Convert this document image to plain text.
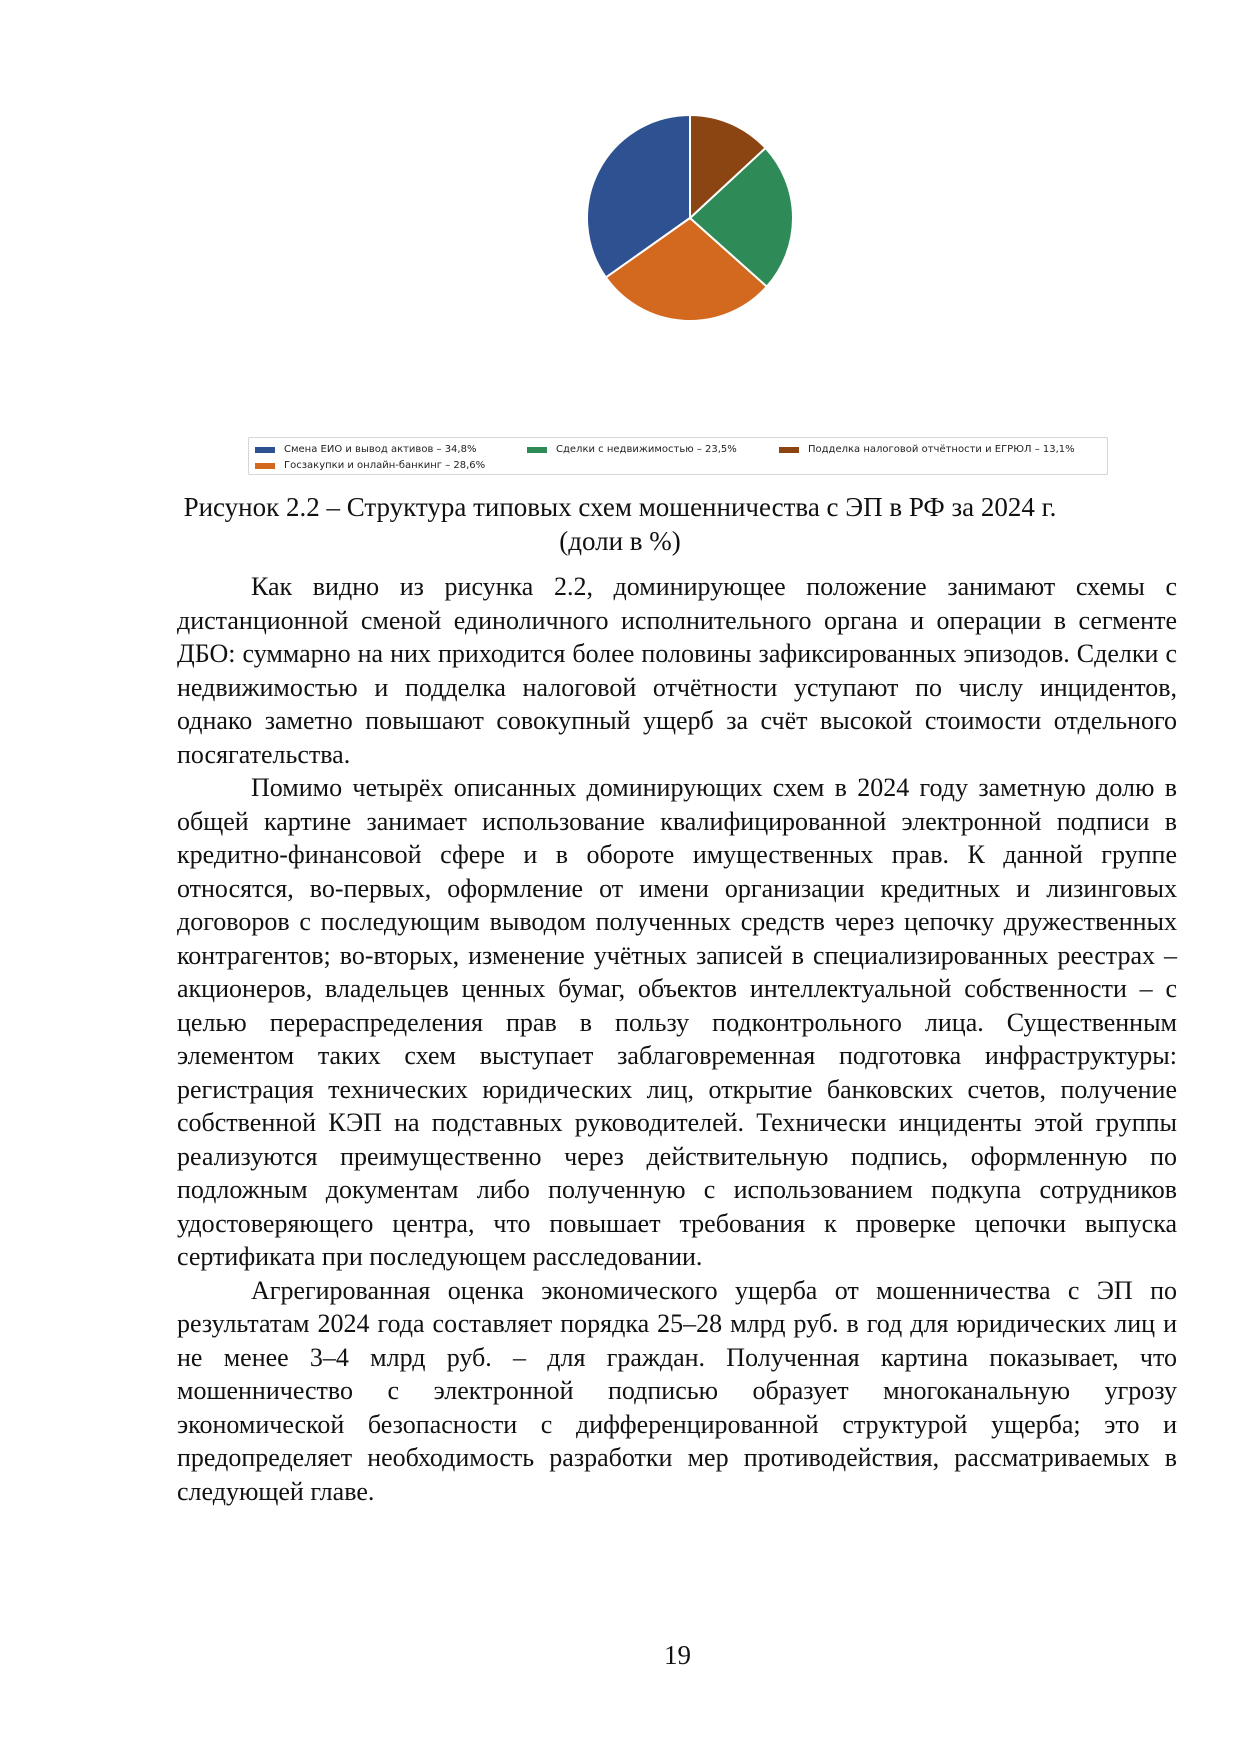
Смена ЕИО и вывод активов – 34,8%	Сделки с недвижимостью – 23,5%	Подделка налоговой отчётности и ЕГРЮЛ – 13,1%
Госзакупки и онлайн-банкинг – 28,6%
Рисунок 2.2 – Структура типовых схем мошенничества с ЭП в РФ за 2024 г.
(доли в %)

Как видно из рисунка 2.2, доминирующее положение занимают схемы с дистанционной сменой единоличного исполнительного органа и операции в сегменте ДБО: суммарно на них приходится более половины зафиксированных эпизодов. Сделки с недвижимостью и подделка налоговой отчётности уступают по числу инцидентов, однако заметно повышают совокупный ущерб за счёт высокой стоимости отдельного посягательства.

Помимо четырёх описанных доминирующих схем в 2024 году заметную долю в общей картине занимает использование квалифицированной электронной подписи в кредитно-финансовой сфере и в обороте имущественных прав. К данной группе относятся, во-первых, оформление от имени организации кредитных и лизинговых договоров с последующим выводом полученных средств через цепочку дружественных контрагентов; во-вторых, изменение учётных записей в специализированных реестрах – акционеров, владельцев ценных бумаг, объектов интеллектуальной собственности – с целью перераспределения прав в пользу подконтрольного лица. Существенным элементом таких схем выступает заблаговременная подготовка инфраструктуры: регистрация технических юридических лиц, открытие банковских счетов, получение собственной КЭП на подставных руководителей. Технически инциденты этой группы реализуются преимущественно через действительную подпись, оформленную по подложным документам либо полученную с использованием подкупа сотрудников удостоверяющего центра, что повышает требования к проверке цепочки выпуска сертификата при последующем расследовании.

Агрегированная оценка экономического ущерба от мошенничества с ЭП по результатам 2024 года составляет порядка 25–28 млрд руб. в год для юридических лиц и не менее 3–4 млрд руб. – для граждан. Полученная картина показывает, что мошенничество с электронной подписью образует многоканальную угрозу экономической безопасности с дифференцированной структурой ущерба; это и предопределяет необходимость разработки мер противодействия, рассматриваемых в следующей главе.

19
